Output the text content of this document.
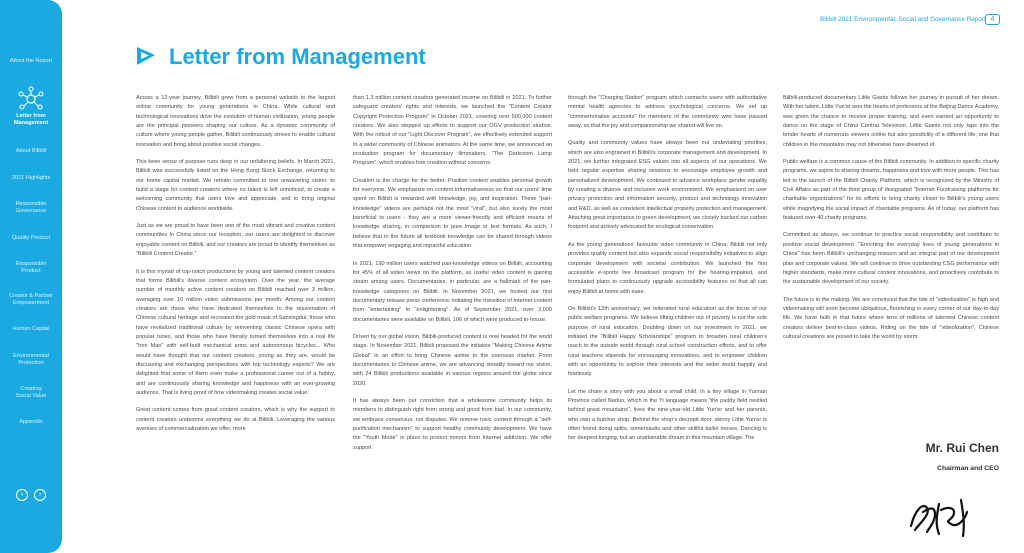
About the Report
Letter from Management
About Bilibili
2021 Highlights
Responsible Governance
Quality Product
Responsible Product
Creator & Partner Empowerment
Human Capital
Environmental Protection
Creating Social Value
Appendix
‹	›
Bilibili 2021 Environmental, Social and Governance Report 4
Letter from Management

Across a 12-year journey, Bilibili grew from a personal website to the largest online community for young generations in China. While cultural and technological innovations drive the evolution of human civilization, young people are the principal pioneers shaping our culture. As a dynamic community of culture where young people gather, Bilibili continuously strives to enable cultural innovation and bring about positive social changes.

This keen sense of purpose runs deep in our unfaltering beliefs. In March 2021, Bilibili was successfully listed on the Hong Kong Stock Exchange, returning to our home capital market. We remain committed to one unwavering vision: to build a stage for content creators where no talent is left unnoticed, to create a welcoming community that users love and appreciate, and to bring original Chinese content to audience worldwide.

Just as we are proud to have been one of the most vibrant and creative content communities in China since our inception, our users are delighted to discover enjoyable content on Bilibili, and our creators are proud to identify themselves as "Bilibili Content Creator."

It is this myriad of top-notch productions by young and talented content creators that forms Bilibili's diverse content ecosystem. Over the year, the average number of monthly active content creators on Bilibili reached over 3 million, averaging over 10 million video submissions per month. Among our content creators are those who have dedicated themselves to the rejuvenation of Chinese cultural heritage and recreated the gold mask of Sanxingdui; those who have revitalized traditional culture by reinventing classic Chinese opera with popular tunes, and those who have literally turned themselves into a real life "Iron Man" with self-built mechanical arms and autonomous bicycles... Who would have thought that our content creators, young as they are, would be discussing and exchanging perspectives with top technology experts? We are delighted that some of them even make a professional career out of a hobby, and are continuously sharing knowledge and happiness with an ever-growing audience. That is living proof of how videomaking creates social value.

Great content comes from great content creators, which is why the support to content creators underpins everything we do at Bilibili. Leveraging the various avenues of commercialization we offer, more

than 1.3 million content creators generated income on Bilibili in 2021. To further safeguard creators' rights and interests, we launched the "Content Creator Copyright Protection Program" in October 2021, covering over 500,000 content creators. We also stepped up efforts to support our OGV production studios. With the rollout of our "Light Discover Program", we effectively extended support to a wider community of Chinese animators. At the same time, we announced an incubation program for documentary filmmakers, "The Darkroom Lamp Program", which enables free creation without concerns.

Creation is the charge for the better. Positive content enables personal growth for everyone. We emphasize on content informativeness so that our users' time spent on Bilibili is rewarded with knowledge, joy, and inspiration. These "pan-knowledge" videos are perhaps not the most "viral", but also surely the most beneficial to users - they are a more viewer-friendly and efficient means of knowledge sharing, in comparison to pure image or text formats. As such, I believe that in the future all textbook knowledge can be shared through videos that empower engaging and impactful education.

In 2021, 190 million users watched pan-knowledge videos on Bilibili, accounting for 45% of all video views on the platform, as useful video content is gaining steam among users. Documentaries, in particular, are a hallmark of the pan-knowledge categories on Bilibili. In November 2021, we hosted our first documentary release press conference, initiating the transition of Internet content from "entertaining" to "enlightening". As of September 2021, over 3,000 documentaries were available on Bilibili, 106 of which were produced in-house.

Driven by our global vision, Bilibili-produced content is now headed for the world stage. In November 2021, Bilibili proposed the initiative "Making Chinese Anime Global" in an effort to bring Chinese anime to the overseas market. From documentaries to Chinese anime, we are advancing steadily toward our vision, with 24 Bilibili productions available in various regions around the globe since 2020.

It has always been our conviction that a wholesome community helps its members to distinguish right from wrong and good from bad. In our community, we embrace consensus, not disputes. We remove toxic content through a "self-purification mechanism" to support healthy community development. We have the "Youth Mode" in place to protect minors from Internet addiction. We offer support

through the "Charging Station" program which connects users with authoritative mental health agencies to address psychological concerns. We set up "commemorative accounts" for members of the community who have passed away, so that the joy and companionship we shared will live on.

Quality and community values have always been our undeviating priorities, which are also engrained in Bilibili's corporate management and development. In 2021, we further integrated ESG values into all aspects of our operations. We held regular expertise sharing sessions to encourage employee growth and personalized development. We continued to advance workplace gender equality by creating a diverse and inclusive work environment. We emphasized on user privacy protection and information security, product and technology innovation and R&D, as well as consistent intellectual property protection and management. Attaching great importance to green development, we closely tracked our carbon footprint and actively advocated for ecological conservation.

As the young generations' favourite video community in China, Bilibili not only provides quality content but also expands social responsibility initiatives to align corporate development with societal contribution. We launched the first accessible e-sports live broadcast program for the hearing-impaired, and formulated plans to continuously upgrade accessibility features so that all can enjoy Bilibili at home with ease.

On Bilibili's 12th anniversary, we reiterated rural education as the focus of our public welfare programs. We believe lifting children out of poverty is not the sole purpose of rural education. Doubling down on our investment in 2021, we initiated the "Bilibili Happy Scholarships" program to broaden rural children's reach to the outside world through rural school construction efforts, and to offer rural teachers stipends for encouraging innovations, and to empower children with an opportunity to explore their interests and the wider world happily and fearlessly.

Let me share a story with you about a small child. In a tiny village in Yunnan Province called Naduo, which in the Yi language means "the paddy field nestled behind great mountains", lives the nine-year-old Little Yun'er and her parents, who own a butcher shop. Behind the shop's decrepit door, skinny Little Yun'er is often found doing splits, somersaults and other skillful ballet moves. Dancing is her deepest longing, but an unattainable dream in this mountain village. The

Bilibili-produced documentary Little Giants follows her journey in pursuit of her dream. With her talent, Little Yun'er won the hearts of professors at the Beijing Dance Academy, was given the chance to receive proper training, and even earned an opportunity to dance on the stage of China Central Television. Little Giants not only taps into the tender hearts of numerous viewers online but also possibility of a different life, one that children in the mountains may not otherwise have dreamed of.

Public welfare is a common cause of the Bilibili community. In addition to specific charity programs, we aspire to sharing dreams, happiness and love with more people. This has led to the launch of the Bilibili Charity Platform, which is recognized by the Ministry of Civil Affairs as part of the third group of designated "Internet Fundraising platforms for charitable organizations" for its efforts to bring charity closer to Bilibili's young users while magnifying the social impact of charitable programs. As of today, our platform has featured over 40 charity programs.

Committed as always, we continue to practice social responsibility and contribute to positive social development. "Enriching the everyday lives of young generations in China" has been Bilibili's unchanging mission and an integral part of our development plan and corporate values. We will continue to drive outstanding CSG performance with higher standards, make more cultural content innovations, and proactively contribute to the sustainable development of our society.

The future is in the making. We are convinced that the tide of "videolization" is high and videomaking will soon become ubiquitous, flourishing in every corner of our day-to-day life. We have faith in that future where tens of millions of talented Chinese content creators deliver best-in-class videos. Riding on the tide of "videolization", Chinese cultural creations are poised to take the world by storm.

Mr. Rui Chen
Chairman and CEO
